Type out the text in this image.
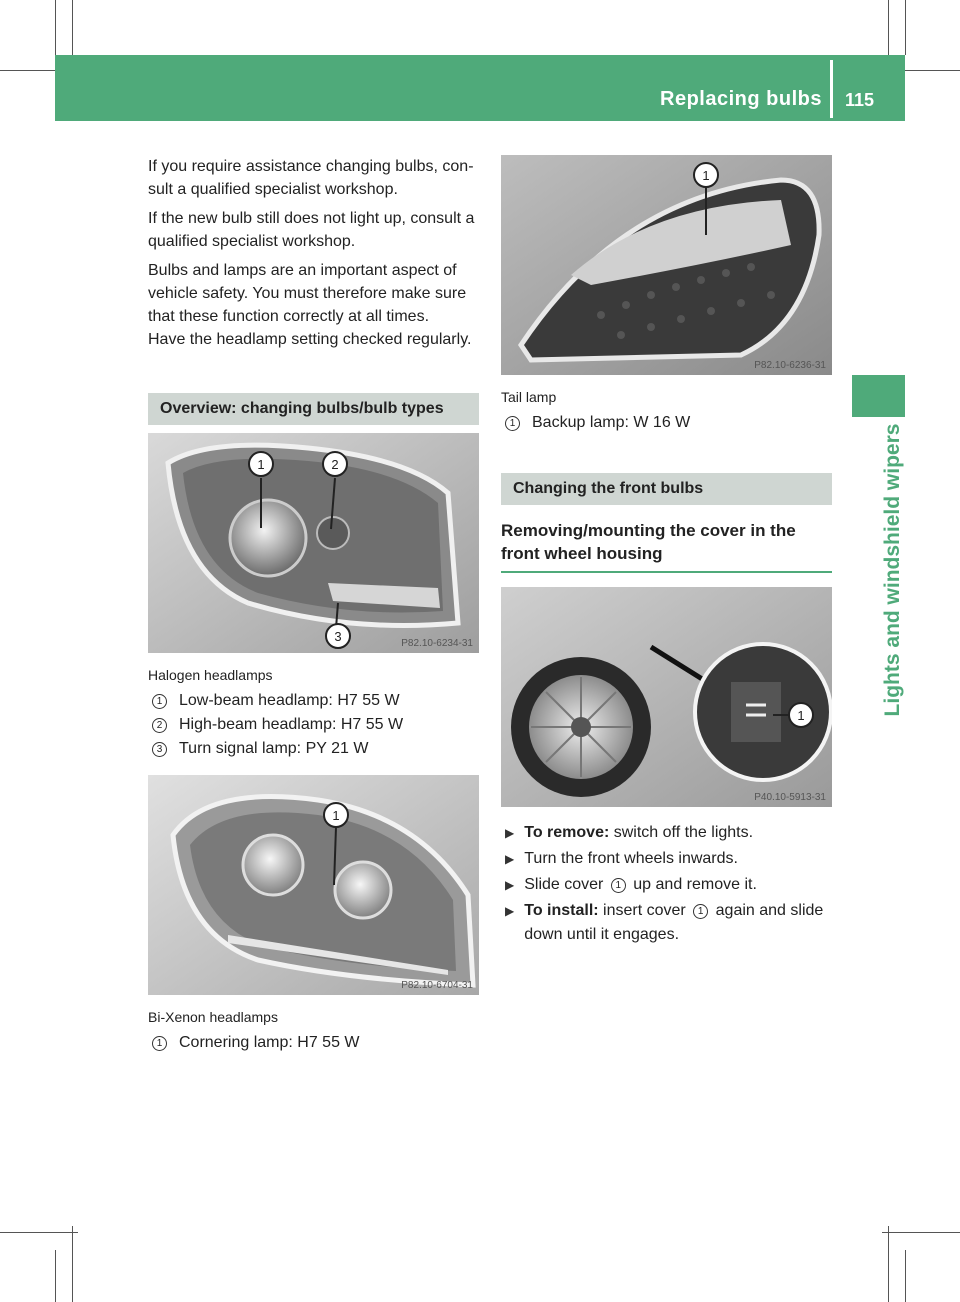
Replacing bulbs 115
Lights and windshield wipers

If you require assistance changing bulbs, con-sult a qualified specialist workshop.

If the new bulb still does not light up, consult a qualified specialist workshop.

Bulbs and lamps are an important aspect of vehicle safety. You must therefore make sure that these function correctly at all times.

Have the headlamp setting checked regularly.

Overview: changing bulbs/bulb types
1	2
3	P82.10-6234-31
Halogen headlamps
1 Low-beam headlamp: H7 55 W
2 High-beam headlamp: H7 55 W
3 Turn signal lamp: PY 21 W
1
P82.10-6704-31
Bi-Xenon headlamps
1 Cornering lamp: H7 55 W
1
P82.10-6236-31
Tail lamp
1 Backup lamp: W 16 W
Changing the front bulbs
Removing/mounting the cover in the front wheel housing
1
P40.10-5913-31
▶ To remove: switch off the lights.
▶ Turn the front wheels inwards.
▶ Slide cover 1 up and remove it.
▶ To install: insert cover 1 again and slide down until it engages.
